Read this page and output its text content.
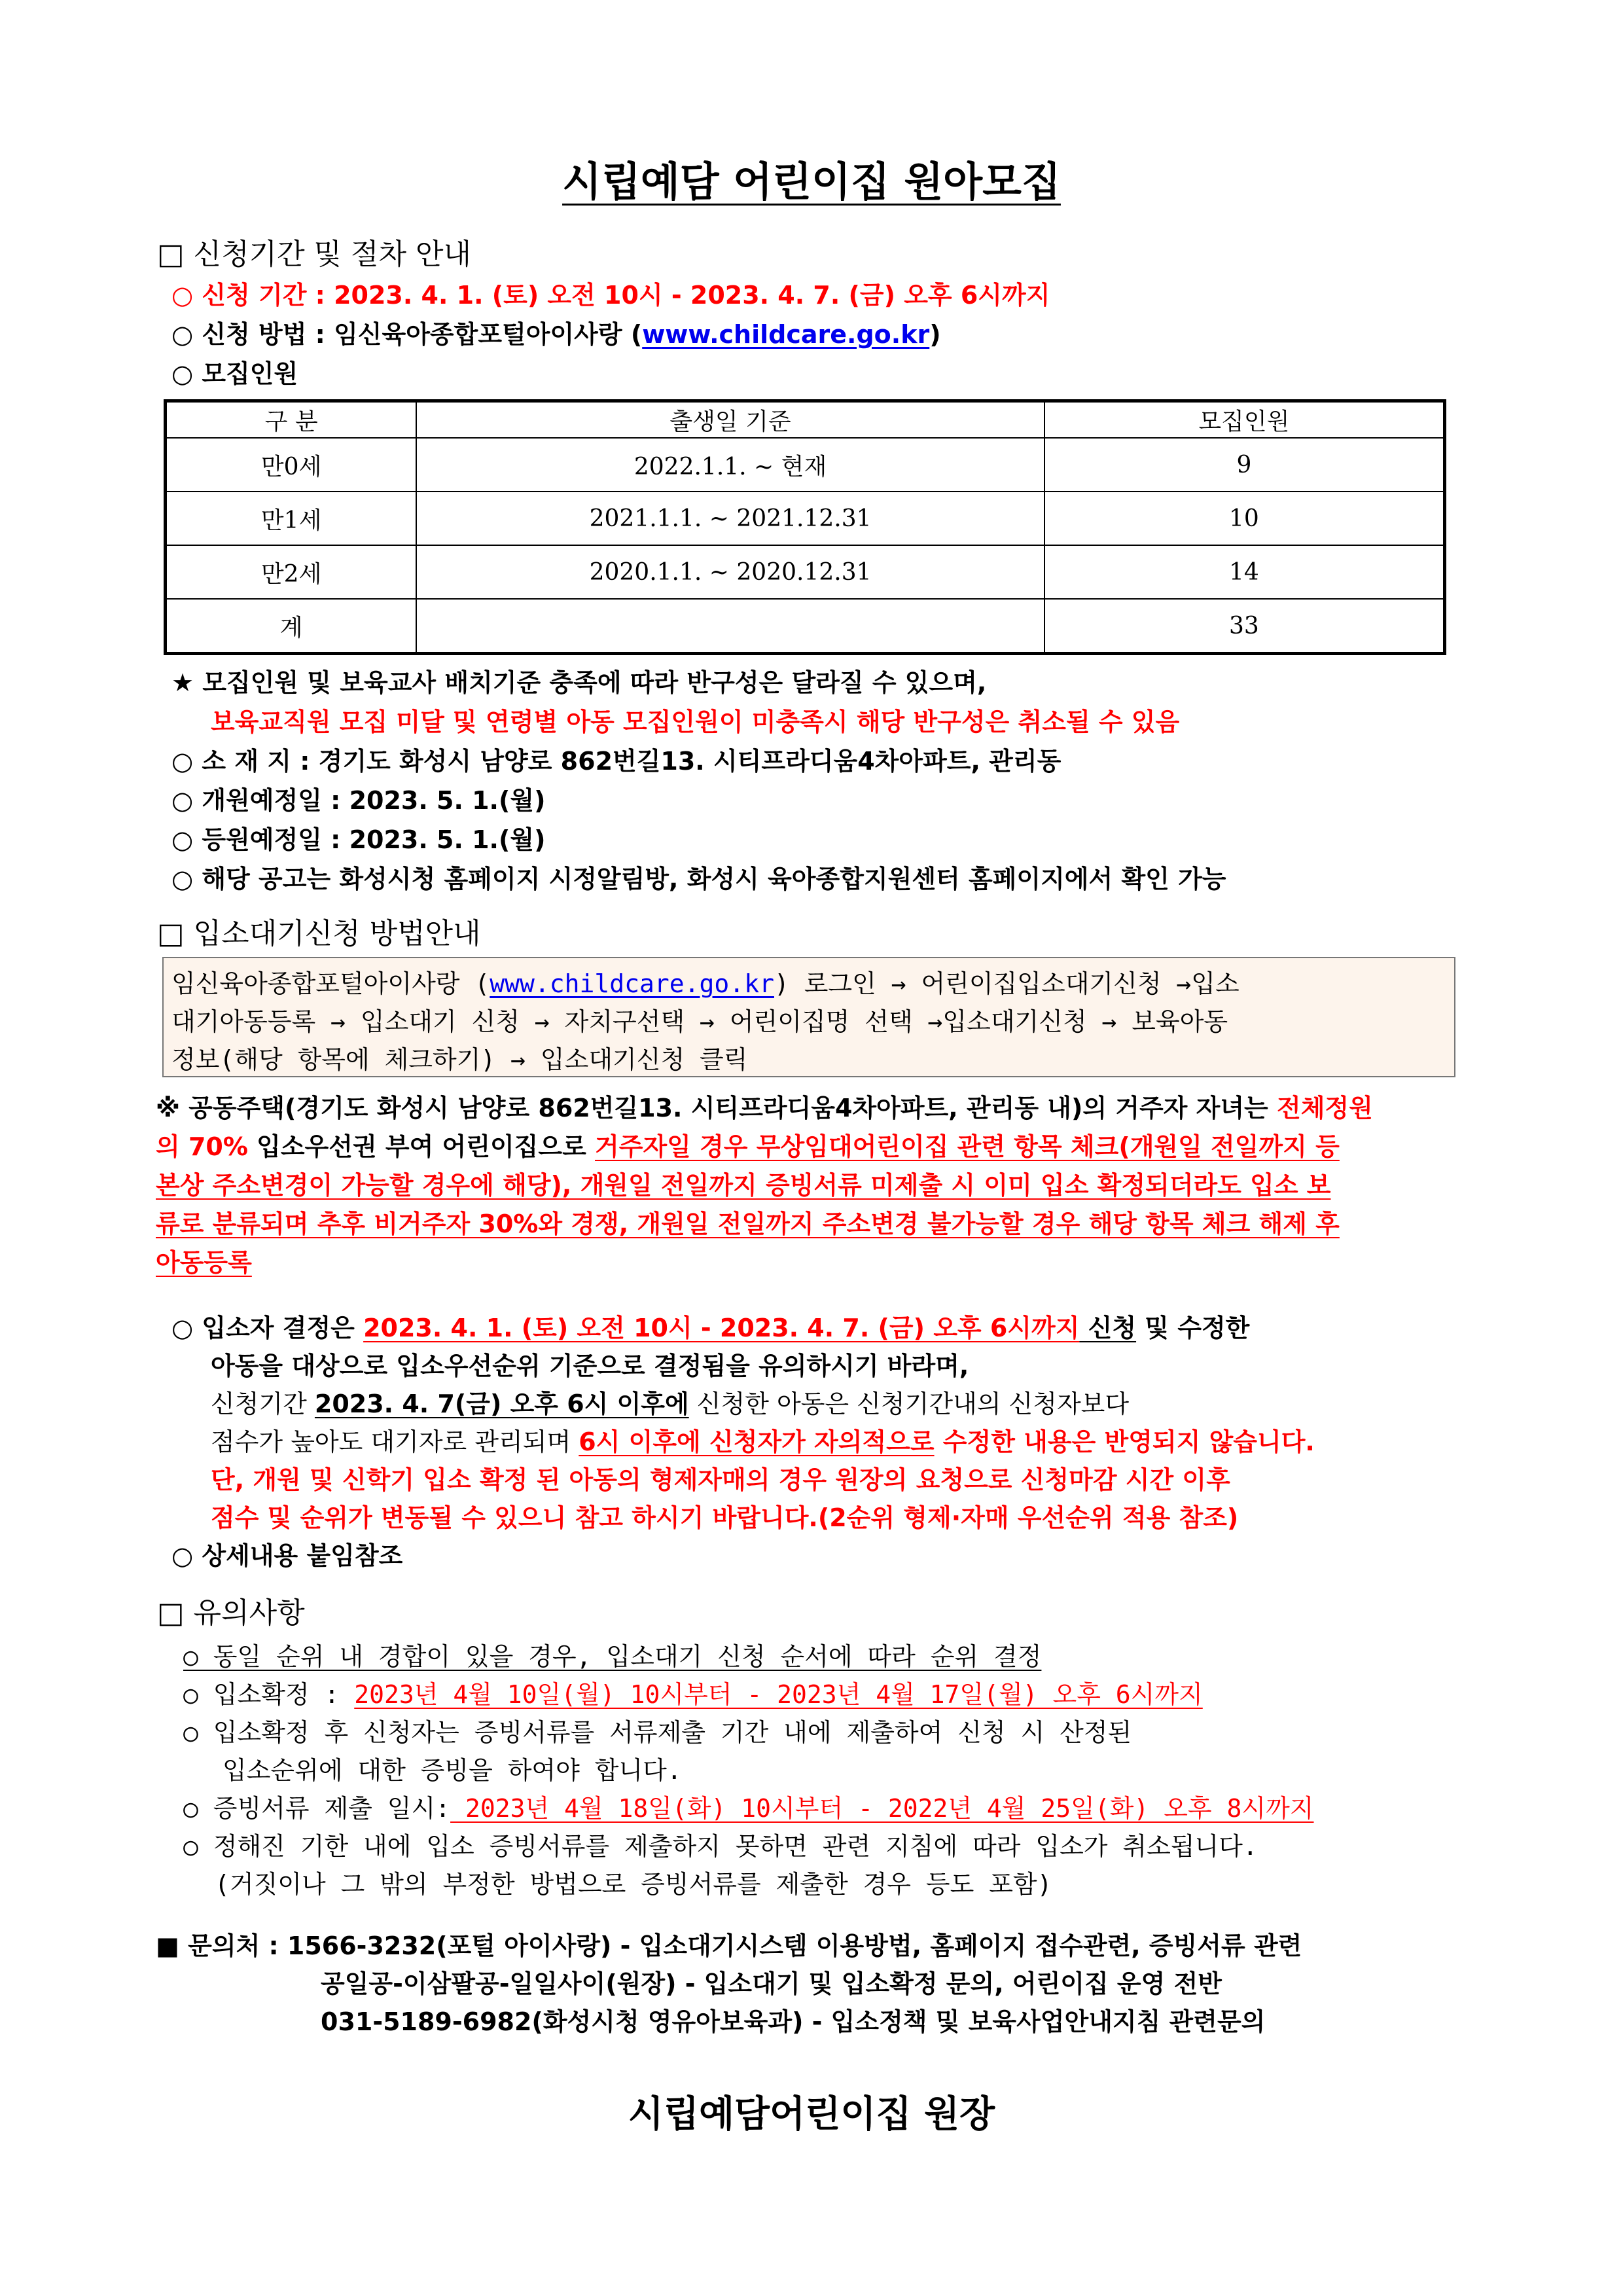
시립예담 어린이집 원아모집
□ 신청기간 및 절차 안내
○ 신청 기간 : 2023. 4. 1. (토) 오전 10시 - 2023. 4. 7. (금) 오후 6시까지
○ 신청 방법 : 임신육아종합포털아이사랑 (www.childcare.go.kr)
○ 모집인원
구 분	출생일 기준	모집인원
만0세	2022.1.1. ~ 현재	9
만1세	2021.1.1. ~ 2021.12.31	10
만2세	2020.1.1. ~ 2020.12.31	14
계		33
★ 모집인원 및 보육교사 배치기준 충족에 따라 반구성은 달라질 수 있으며,
보육교직원 모집 미달 및 연령별 아동 모집인원이 미충족시 해당 반구성은 취소될 수 있음
○ 소 재 지 : 경기도 화성시 남양로 862번길13. 시티프라디움4차아파트, 관리동
○ 개원예정일 : 2023. 5. 1.(월)
○ 등원예정일 : 2023. 5. 1.(월)
○ 해당 공고는 화성시청 홈페이지 시정알림방, 화성시 육아종합지원센터 홈페이지에서 확인 가능
□ 입소대기신청 방법안내
임신육아종합포털아이사랑 (www.childcare.go.kr) 로그인 → 어린이집입소대기신청 →입소
대기아동등록 → 입소대기 신청 → 자치구선택 → 어린이집명 선택 →입소대기신청 → 보육아동
정보(해당 항목에 체크하기) → 입소대기신청 클릭
※ 공동주택(경기도 화성시 남양로 862번길13. 시티프라디움4차아파트, 관리동 내)의 거주자 자녀는 전체정원
의 70% 입소우선권 부여 어린이집으로 거주자일 경우 무상임대어린이집 관련 항목 체크(개원일 전일까지 등
본상 주소변경이 가능할 경우에 해당), 개원일 전일까지 증빙서류 미제출 시 이미 입소 확정되더라도 입소 보
류로 분류되며 추후 비거주자 30%와 경쟁, 개원일 전일까지 주소변경 불가능할 경우 해당 항목 체크 해제 후
아동등록
○ 입소자 결정은 2023. 4. 1. (토) 오전 10시 - 2023. 4. 7. (금) 오후 6시까지 신청 및 수정한
아동을 대상으로 입소우선순위 기준으로 결정됨을 유의하시기 바라며,
신청기간 2023. 4. 7(금) 오후 6시 이후에 신청한 아동은 신청기간내의 신청자보다
점수가 높아도 대기자로 관리되며 6시 이후에 신청자가 자의적으로 수정한 내용은 반영되지 않습니다.
단, 개원 및 신학기 입소 확정 된 아동의 형제자매의 경우 원장의 요청으로 신청마감 시간 이후
점수 및 순위가 변동될 수 있으니 참고 하시기 바랍니다.(2순위 형제·자매 우선순위 적용 참조)
○ 상세내용 붙임참조
□ 유의사항
○ 동일 순위 내 경합이 있을 경우, 입소대기 신청 순서에 따라 순위 결정
○ 입소확정 : 2023년 4월 10일(월) 10시부터 - 2023년 4월 17일(월) 오후 6시까지
○ 입소확정 후 신청자는 증빙서류를 서류제출 기간 내에 제출하여 신청 시 산정된
입소순위에 대한 증빙을 하여야 합니다.
○ 증빙서류 제출 일시: 2023년 4월 18일(화) 10시부터 - 2022년 4월 25일(화) 오후 8시까지
○ 정해진 기한 내에 입소 증빙서류를 제출하지 못하면 관련 지침에 따라 입소가 취소됩니다.
(거짓이나 그 밖의 부정한 방법으로 증빙서류를 제출한 경우 등도 포함)
■ 문의처 : 1566-3232(포털 아이사랑) - 입소대기시스템 이용방법, 홈페이지 접수관련, 증빙서류 관련
공일공-이삼팔공-일일사이(원장) - 입소대기 및 입소확정 문의, 어린이집 운영 전반
031-5189-6982(화성시청 영유아보육과) - 입소정책 및 보육사업안내지침 관련문의
시립예담어린이집 원장
